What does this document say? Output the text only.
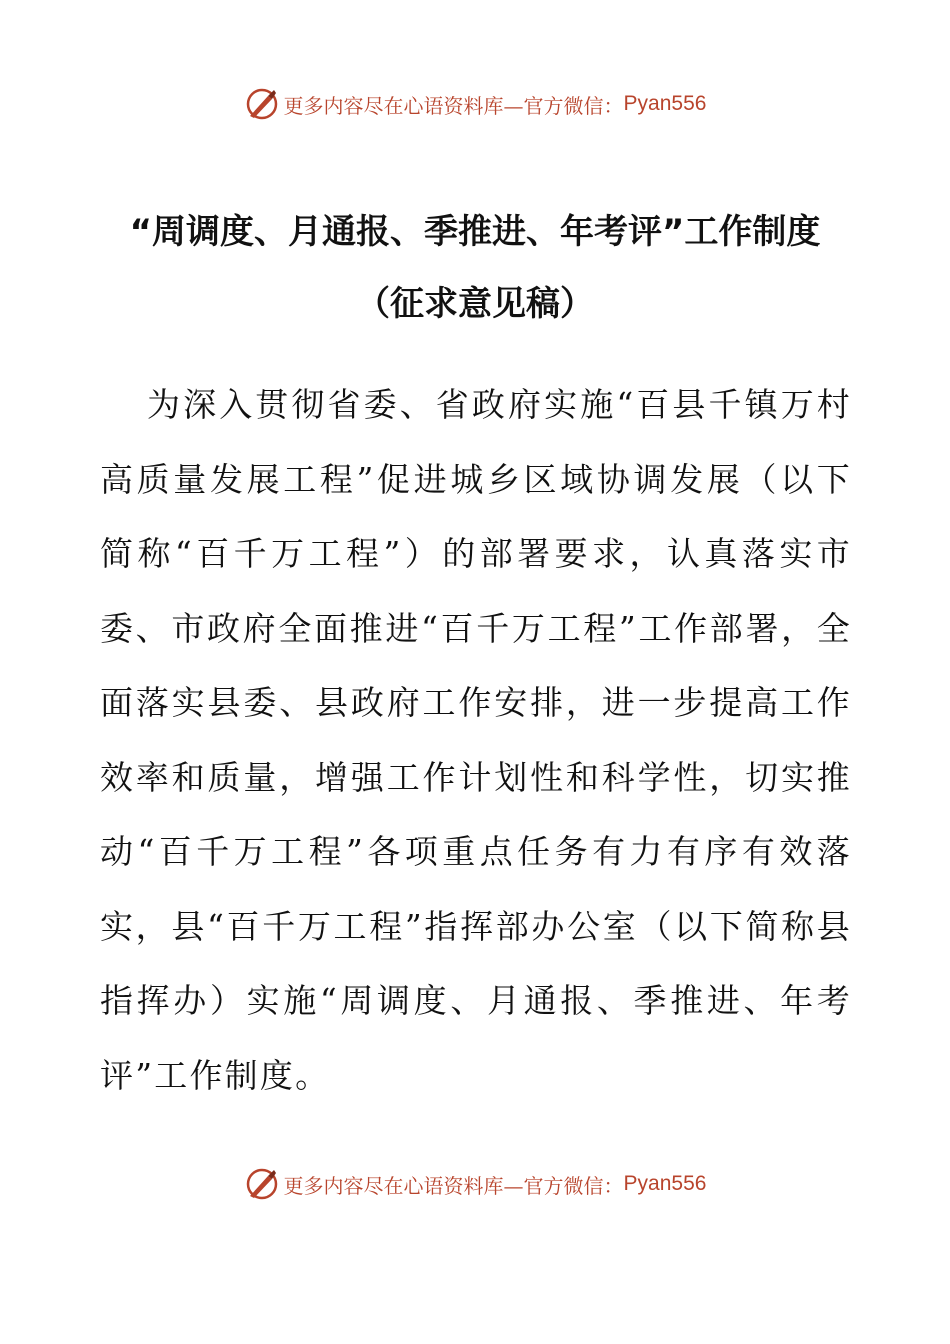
更多内容尽在心语资料库—官方微信： Pyan556
“周调度、月通报、季推进、年考评”工作制度
（征求意见稿）

为深入贯彻省委、省政府实施“百县千镇万村高质量发展工程”促进城乡区域协调发展（以下简称“百千万工程”）的部署要求，认真落实市委、市政府全面推进“百千万工程”工作部署，全面落实县委、县政府工作安排，进一步提高工作效率和质量，增强工作计划性和科学性，切实推动“百千万工程”各项重点任务有力有序有效落实，县“百千万工程”指挥部办公室（以下简称县指挥办）实施“周调度、月通报、季推进、年考评”工作制度。

更多内容尽在心语资料库—官方微信： Pyan556
